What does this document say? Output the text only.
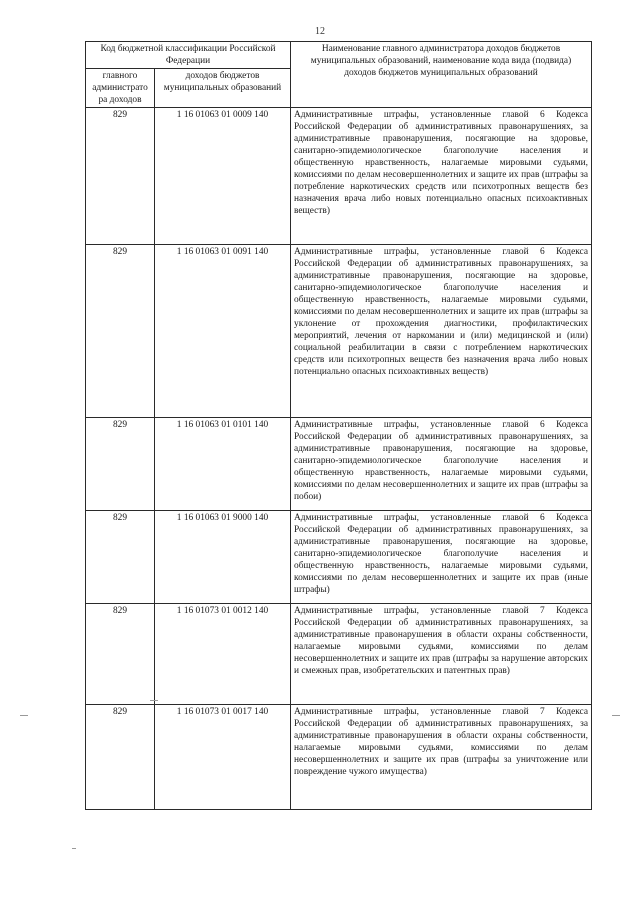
12
Код бюджетной классификации Российской Федерации		Наименование главного администратора доходов бюджетов муниципальных образований, наименование кода вида (подвида) доходов бюджетов муниципальных образований
главного администрато ра доходов	доходов бюджетов муниципальных образований	
829	1 16 01063 01 0009 140	Административные штрафы, установленные главой 6 Кодекса Российской Федерации об административных правонарушениях, за административные правонарушения, посягающие на здоровье, санитарно-эпидемиологическое благополучие населения и общественную нравственность, налагаемые мировыми судьями, комиссиями по делам несовершеннолетних и защите их прав (штрафы за потребление наркотических средств или психотропных веществ без назначения врача либо новых потенциально опасных психоактивных веществ)
829	1 16 01063 01 0091 140	Административные штрафы, установленные главой 6 Кодекса Российской Федерации об административных правонарушениях, за административные правонарушения, посягающие на здоровье, санитарно-эпидемиологическое благополучие населения и общественную нравственность, налагаемые мировыми судьями, комиссиями по делам несовершеннолетних и защите их прав (штрафы за уклонение от прохождения диагностики, профилактических мероприятий, лечения от наркомании и (или) медицинской и (или) социальной реабилитации в связи с потреблением наркотических средств или психотропных веществ без назначения врача либо новых потенциально опасных психоактивных веществ)
829	1 16 01063 01 0101 140	Административные штрафы, установленные главой 6 Кодекса Российской Федерации об административных правонарушениях, за административные правонарушения, посягающие на здоровье, санитарно-эпидемиологическое благополучие населения и общественную нравственность, налагаемые мировыми судьями, комиссиями по делам несовершеннолетних и защите их прав (штрафы за побои)
829	1 16 01063 01 9000 140	Административные штрафы, установленные главой 6 Кодекса Российской Федерации об административных правонарушениях, за административные правонарушения, посягающие на здоровье, санитарно-эпидемиологическое благополучие населения и общественную нравственность, налагаемые мировыми судьями, комиссиями по делам несовершеннолетних и защите их прав (иные штрафы)
829	1 16 01073 01 0012 140	Административные штрафы, установленные главой 7 Кодекса Российской Федерации об административных правонарушениях, за административные правонарушения в области охраны собственности, налагаемые мировыми судьями, комиссиями по делам несовершеннолетних и защите их прав (штрафы за нарушение авторских и смежных прав, изобретательских и патентных прав)
829	1 16 01073 01 0017 140	Административные штрафы, установленные главой 7 Кодекса Российской Федерации об административных правонарушениях, за административные правонарушения в области охраны собственности, налагаемые мировыми судьями, комиссиями по делам несовершеннолетних и защите их прав (штрафы за уничтожение или повреждение чужого имущества)
